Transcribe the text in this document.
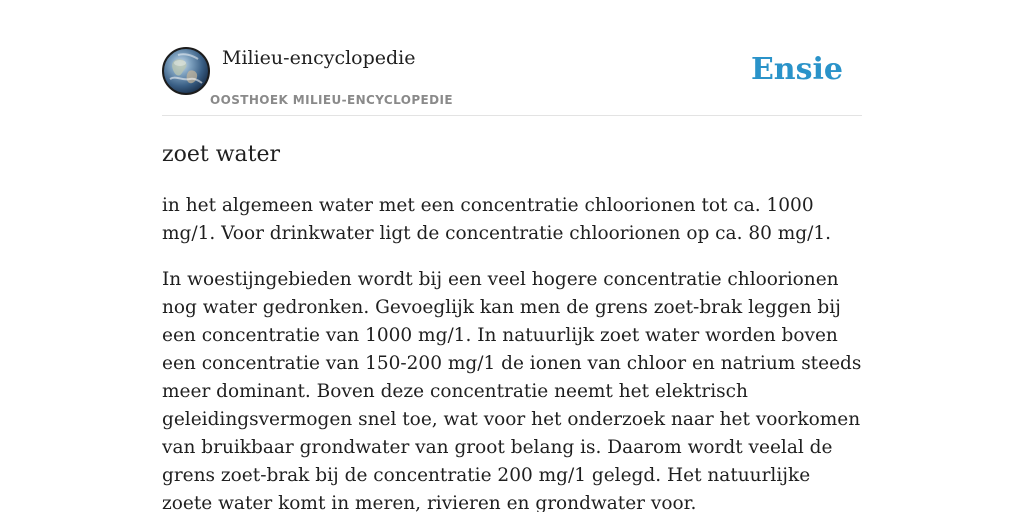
Milieu-encyclopedie
OOSTHOEK MILIEU-ENCYCLOPEDIE
Ensie
zoet water

in het algemeen water met een concentratie chloorionen tot ca. 1000 mg/1. Voor drinkwater ligt de concentratie chloorionen op ca. 80 mg/1.

In woestijngebieden wordt bij een veel hogere concentratie chloorionen nog water gedronken. Gevoeglijk kan men de grens zoet-brak leggen bij een concentratie van 1000 mg/1. In natuurlijk zoet water worden boven een concentratie van 150-200 mg/1 de ionen van chloor en natrium steeds meer dominant. Boven deze concentratie neemt het elektrisch geleidingsvermogen snel toe, wat voor het onderzoek naar het voorkomen van bruikbaar grondwater van groot belang is. Daarom wordt veelal de grens zoet-brak bij de concentratie 200 mg/1 gelegd. Het natuurlijke zoete water komt in meren, rivieren en grondwater voor.
